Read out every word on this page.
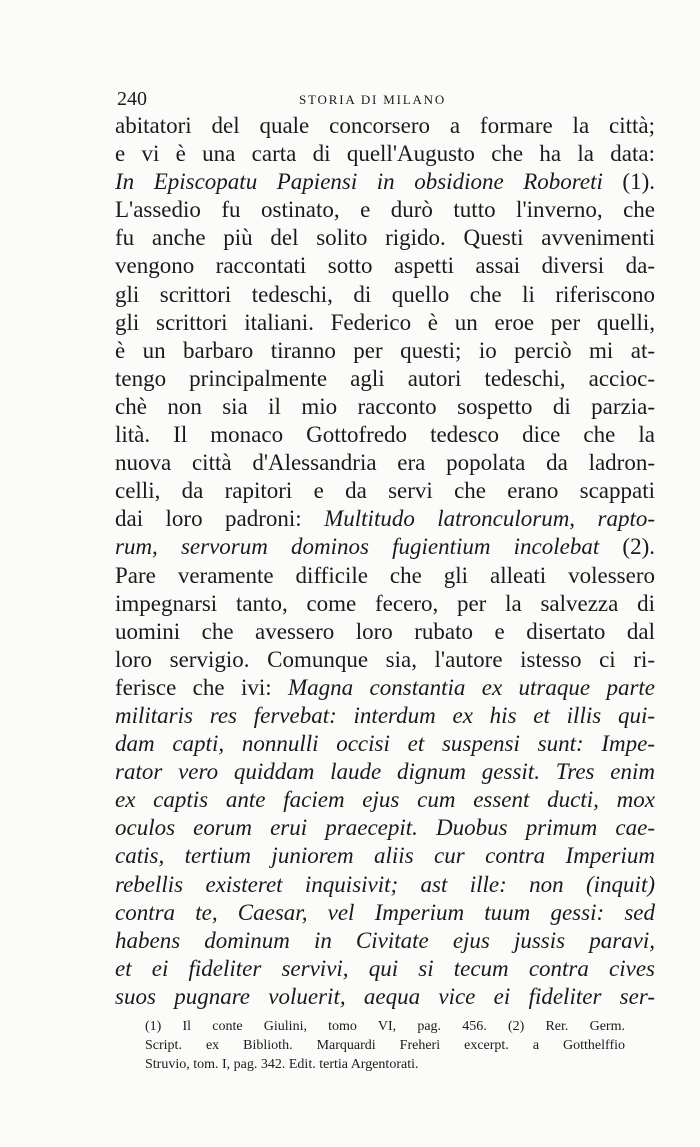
240	STORIA DI MILANO
abitatori del quale concorsero a formare la città;
e vi è una carta di quell'Augusto che ha la data:
In Episcopatu Papiensi in obsidione Roboreti (1).
L'assedio fu ostinato, e durò tutto l'inverno, che
fu anche più del solito rigido. Questi avvenimenti
vengono raccontati sotto aspetti assai diversi da-
gli scrittori tedeschi, di quello che li riferiscono
gli scrittori italiani. Federico è un eroe per quelli,
è un barbaro tiranno per questi; io perciò mi at-
tengo principalmente agli autori tedeschi, accioc-
chè non sia il mio racconto sospetto di parzia-
lità. Il monaco Gottofredo tedesco dice che la
nuova città d'Alessandria era popolata da ladron-
celli, da rapitori e da servi che erano scappati
dai loro padroni: Multitudo latronculorum, rapto-
rum, servorum dominos fugientium incolebat (2).
Pare veramente difficile che gli alleati volessero
impegnarsi tanto, come fecero, per la salvezza di
uomini che avessero loro rubato e disertato dal
loro servigio. Comunque sia, l'autore istesso ci ri-
ferisce che ivi: Magna constantia ex utraque parte
militaris res fervebat: interdum ex his et illis qui-
dam capti, nonnulli occisi et suspensi sunt: Impe-
rator vero quiddam laude dignum gessit. Tres enim
ex captis ante faciem ejus cum essent ducti, mox
oculos eorum erui praecepit. Duobus primum cae-
catis, tertium juniorem aliis cur contra Imperium
rebellis existeret inquisivit; ast ille: non (inquit)
contra te, Caesar, vel Imperium tuum gessi: sed
habens dominum in Civitate ejus jussis paravi,
et ei fideliter servivi, qui si tecum contra cives
suos pugnare voluerit, aequa vice ei fideliter ser-
(1) Il conte Giulini, tomo VI, pag. 456. (2) Rer. Germ.
Script. ex Biblioth. Marquardi Freheri excerpt. a Gotthelffio
Struvio, tom. I, pag. 342. Edit. tertia Argentorati.
